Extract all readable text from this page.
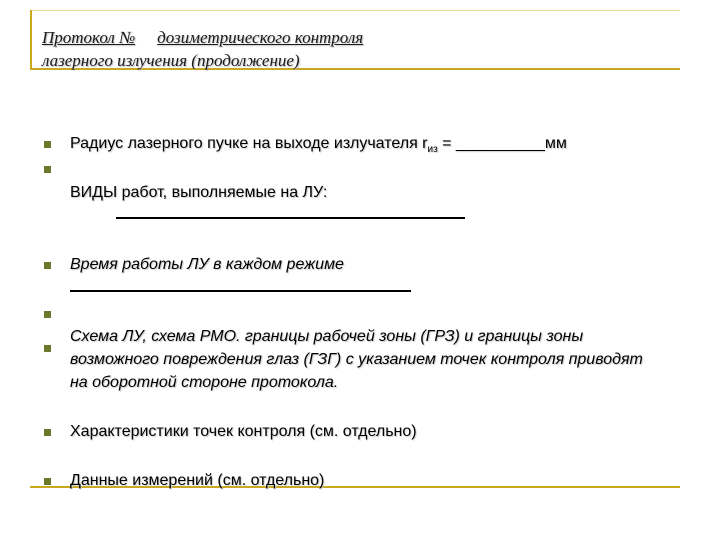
Протокол № дозиметрического контроля
лазерного излучения (продолжение)
Радиус лазерного пучке на выходе излучателя $r_{из}$ = __________мм
ВИДЫ работ, выполняемые на ЛУ:
Время работы ЛУ в каждом режиме
Схема ЛУ, схема РМО. границы рабочей зоны (ГРЗ) и границы зоны возможного повреждения глаз (ГЗГ) с указанием точек контроля приводят на оборотной стороне протокола.
Характеристики точек контроля (см. отдельно)
Данные измерений (см. отдельно)
